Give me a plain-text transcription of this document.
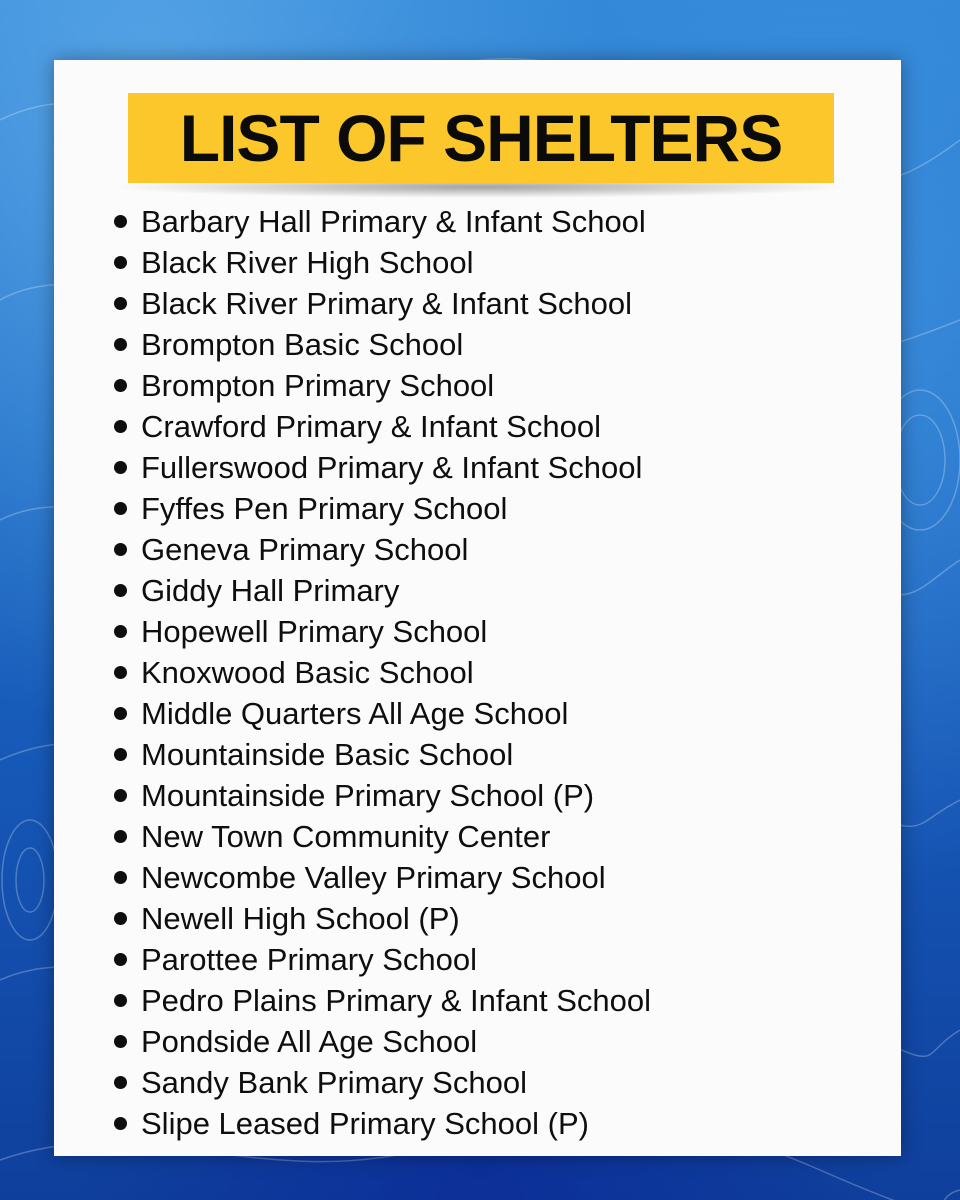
LIST OF SHELTERS
Barbary Hall Primary & Infant School
Black River High School
Black River Primary & Infant School
Brompton Basic School
Brompton Primary School
Crawford Primary & Infant School
Fullerswood Primary & Infant School
Fyffes Pen Primary School
Geneva Primary School
Giddy Hall Primary
Hopewell Primary School
Knoxwood Basic School
Middle Quarters All Age School
Mountainside Basic School
Mountainside Primary School (P)
New Town Community Center
Newcombe Valley Primary School
Newell High School (P)
Parottee Primary School
Pedro Plains Primary & Infant School
Pondside All Age School
Sandy Bank Primary School
Slipe Leased Primary School (P)
